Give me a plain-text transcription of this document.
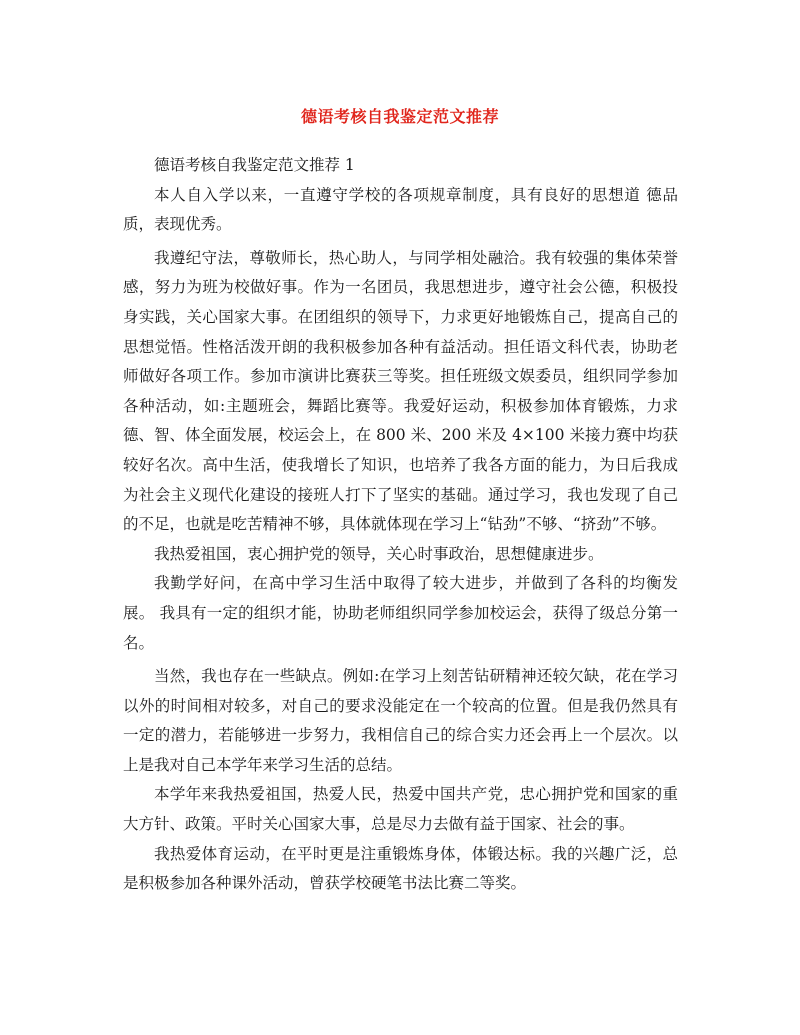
德语考核自我鉴定范文推荐

德语考核自我鉴定范文推荐 1

本人自入学以来，一直遵守学校的各项规章制度，具有良好的思想道 德品质，表现优秀。

我遵纪守法，尊敬师长，热心助人，与同学相处融洽。我有较强的集体荣誉感，努力为班为校做好事。作为一名团员，我思想进步，遵守社会公德，积极投身实践，关心国家大事。在团组织的领导下，力求更好地锻炼自己，提高自己的思想觉悟。性格活泼开朗的我积极参加各种有益活动。担任语文科代表，协助老师做好各项工作。参加市演讲比赛获三等奖。担任班级文娱委员，组织同学参加各种活动，如:主题班会，舞蹈比赛等。我爱好运动，积极参加体育锻炼，力求德、智、体全面发展，校运会上，在 800 米、200 米及 4×100 米接力赛中均获较好名次。高中生活，使我增长了知识，也培养了我各方面的能力，为日后我成为社会主义现代化建设的接班人打下了坚实的基础。通过学习，我也发现了自己的不足，也就是吃苦精神不够，具体就体现在学习上“钻劲”不够、“挤劲”不够。

我热爱祖国，衷心拥护党的领导，关心时事政治，思想健康进步。

我勤学好问，在高中学习生活中取得了较大进步，并做到了各科的均衡发展。 我具有一定的组织才能，协助老师组织同学参加校运会，获得了级总分第一名。

当然，我也存在一些缺点。例如:在学习上刻苦钻研精神还较欠缺，花在学习以外的时间相对较多，对自己的要求没能定在一个较高的位置。但是我仍然具有一定的潜力，若能够进一步努力，我相信自己的综合实力还会再上一个层次。以上是我对自己本学年来学习生活的总结。

本学年来我热爱祖国，热爱人民，热爱中国共产党，忠心拥护党和国家的重大方针、政策。平时关心国家大事，总是尽力去做有益于国家、社会的事。

我热爱体育运动，在平时更是注重锻炼身体，体锻达标。我的兴趣广泛，总是积极参加各种课外活动，曾获学校硬笔书法比赛二等奖。
